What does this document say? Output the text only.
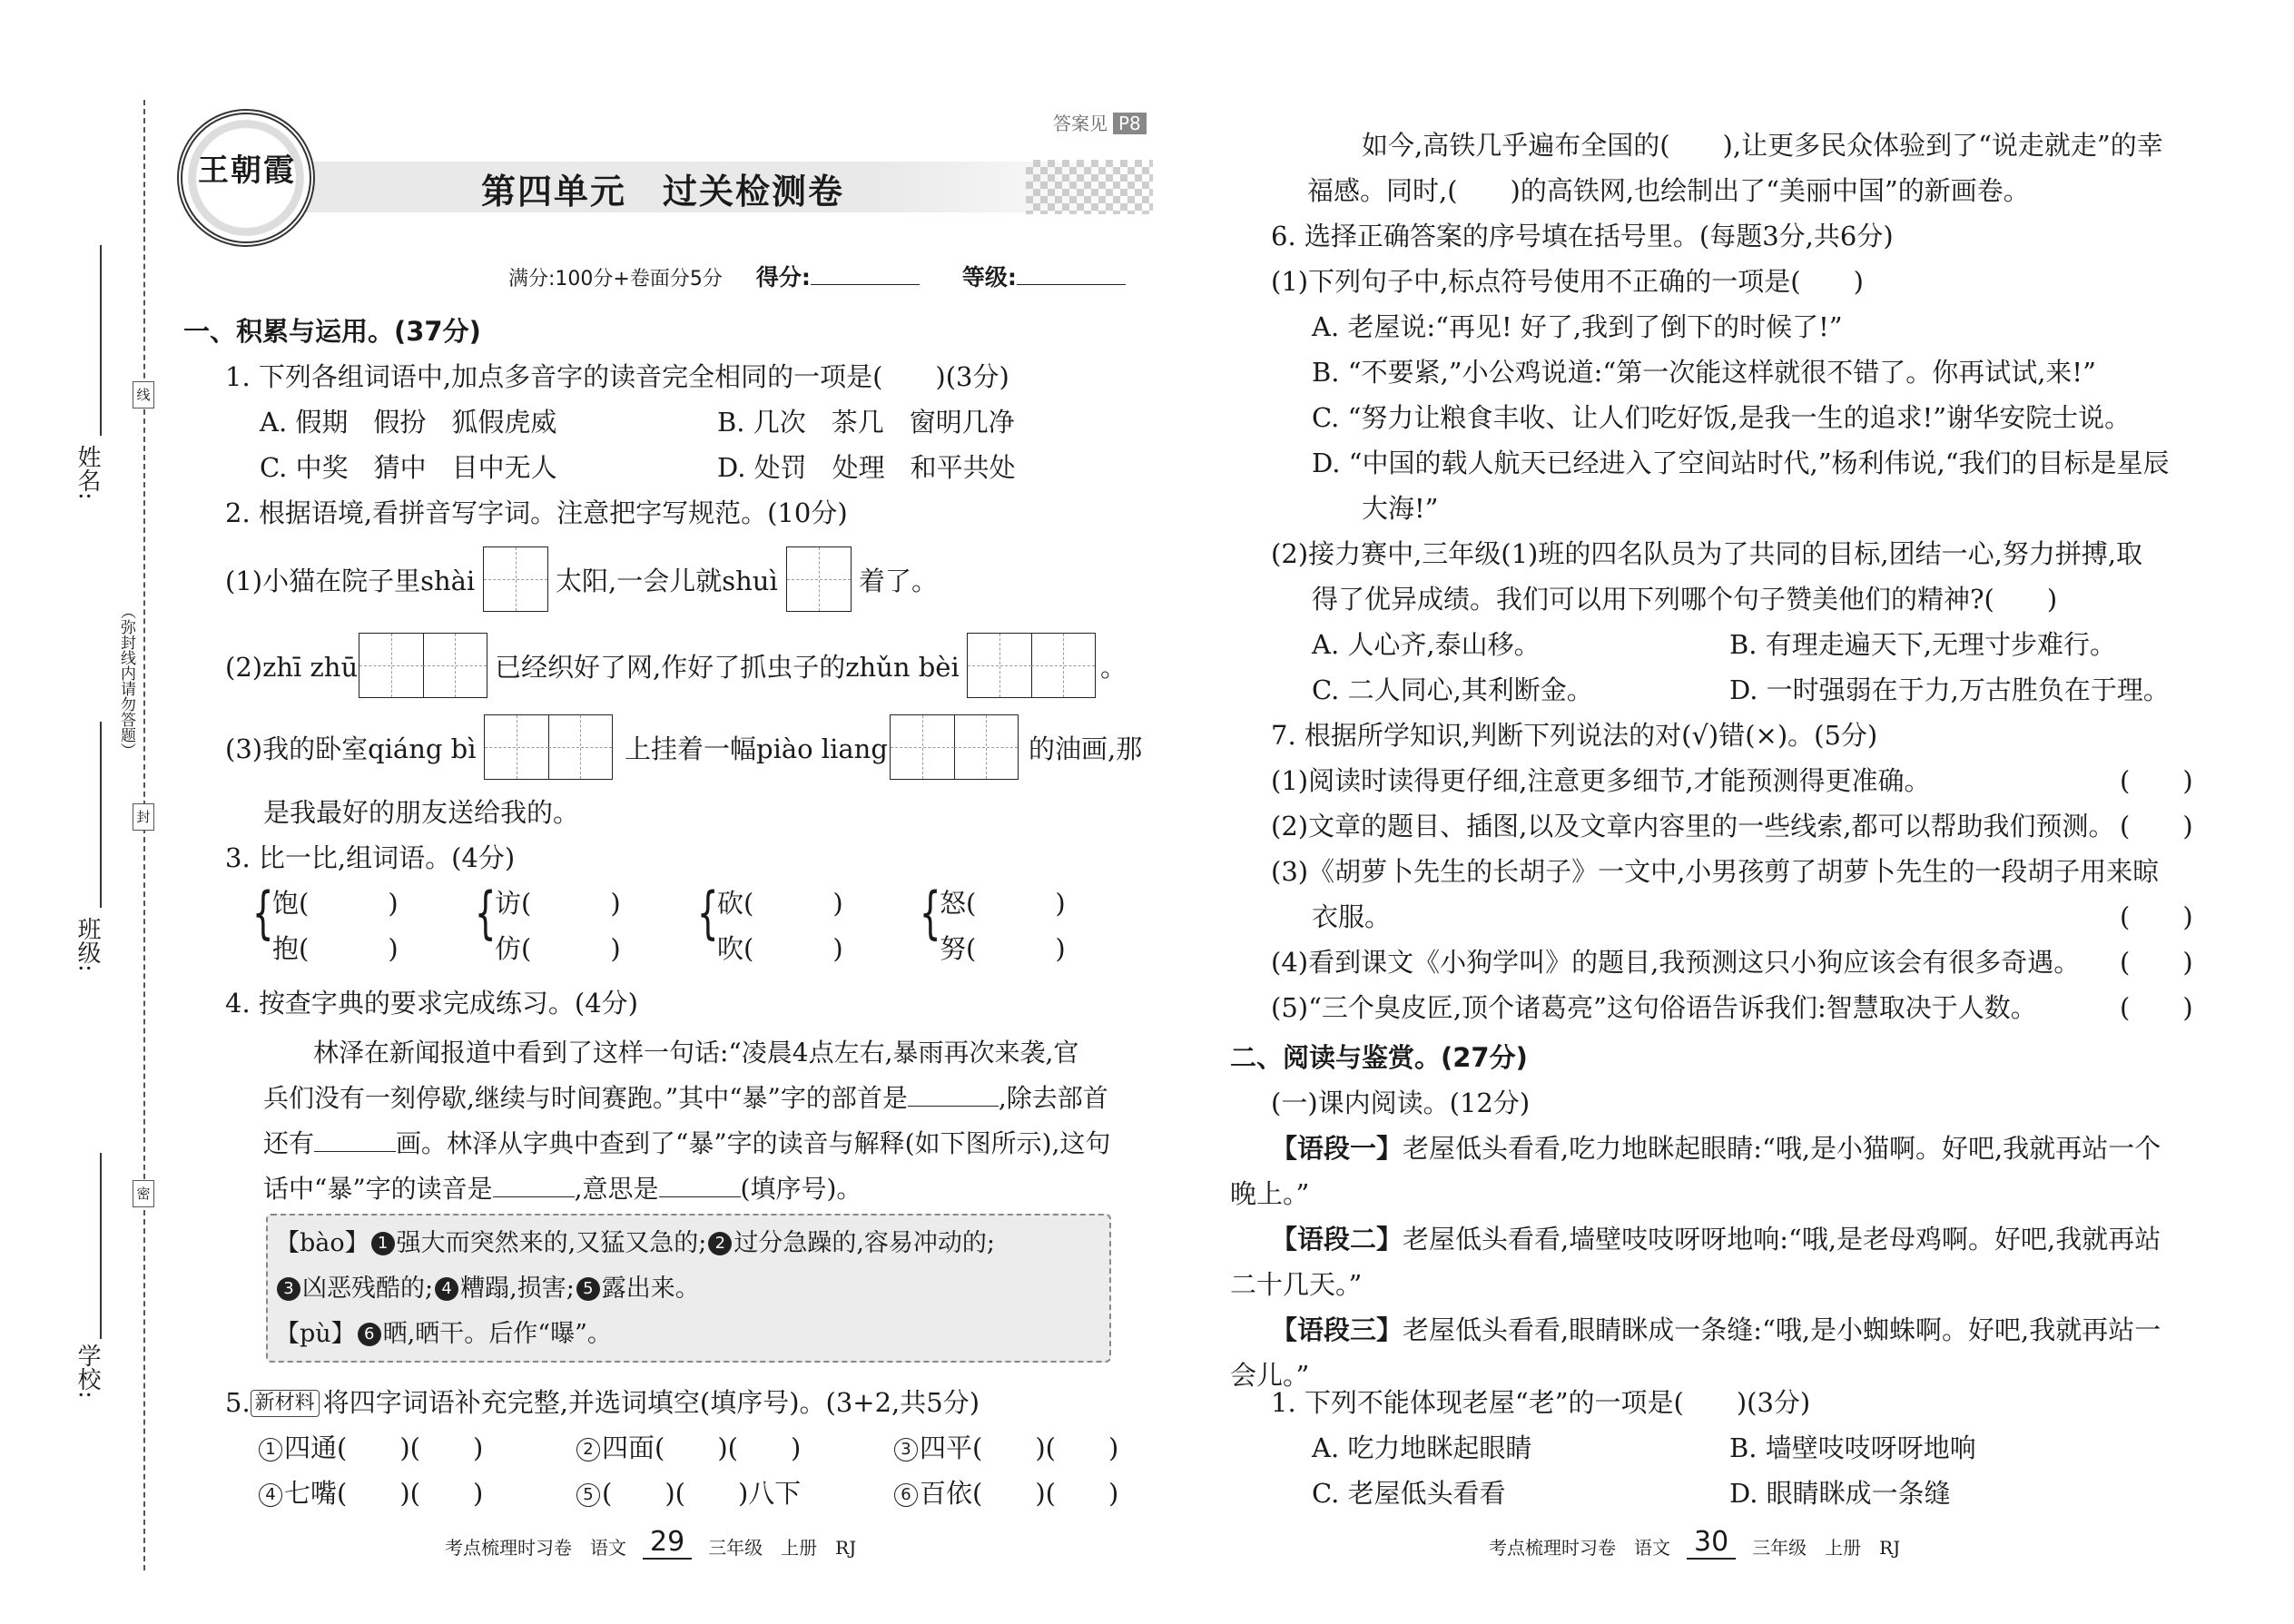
姓名:
班级:
学校:
（弥封线内请勿答题）
线
封
密
王朝霞
答案见 P8
第四单元　过关检测卷
满分:100分+卷面分5分 得分:	等级:
一、积累与运用。(37分)
1. 下列各组词语中,加点多音字的读音完全相同的一项是(　　)(3分)
A. 假期 假扮 狐假虎威	B. 几次 茶几 窗明几净
C. 中奖 猜中 目中无人	D. 处罚 处理 和平共处
2. 根据语境,看拼音写字词。注意把字写规范。(10分)
(1)小猫在院子里shài	太阳,一会儿就shuì	着了。
(2)zhī zhū	已经织好了网,作好了抓虫子的zhǔn bèi	。
(3)我的卧室qiáng bì	上挂着一幅piào liang	的油画,那
是我最好的朋友送给我的。
3. 比一比,组词语。(4分)
{
饱(　　　)
抱(　　　)
{
访(　　　)
仿(　　　)
{
砍(　　　)
吹(　　　)
{
怒(　　　)
努(　　　)
4. 按查字典的要求完成练习。(4分)
林泽在新闻报道中看到了这样一句话:“凌晨4点左右,暴雨再次来袭,官
兵们没有一刻停歇,继续与时间赛跑。”其中“暴”字的部首是	,除去部首
还有	画。林泽从字典中查到了“暴”字的读音与解释(如下图所示),这句
话中“暴”字的读音是	,意思是	(填序号)。
【bào】 1 强大而突然来的,又猛又急的; 2 过分急躁的,容易冲动的;
3 凶恶残酷的; 4 糟蹋,损害; 5 露出来。
【pù】 6 晒,晒干。后作“曝”。
5. 新材料 将四字词语补充完整,并选词填空(填序号)。(3+2,共5分)
1 四通(　　)(　　)	2 四面(　　)(　　)	3 四平(　　)(　　)
4 七嘴(　　)(　　)	5 (　　)(　　)八下	6 百依(　　)(　　)
考点梳理时习卷　语文 29 三年级　上册　RJ
如今,高铁几乎遍布全国的(　　),让更多民众体验到了“说走就走”的幸
福感。同时,(　　)的高铁网,也绘制出了“美丽中国”的新画卷。
6. 选择正确答案的序号填在括号里。(每题3分,共6分)
(1)下列句子中,标点符号使用不正确的一项是(　　)
A. 老屋说:“再见! 好了,我到了倒下的时候了!”
B. “不要紧,”小公鸡说道:“第一次能这样就很不错了。你再试试,来!”
C. “努力让粮食丰收、让人们吃好饭,是我一生的追求!”谢华安院士说。
D. “中国的载人航天已经进入了空间站时代,”杨利伟说,“我们的目标是星辰
大海!”
(2)接力赛中,三年级(1)班的四名队员为了共同的目标,团结一心,努力拼搏,取
得了优异成绩。我们可以用下列哪个句子赞美他们的精神?(　　)
A. 人心齐,泰山移。	B. 有理走遍天下,无理寸步难行。
C. 二人同心,其利断金。	D. 一时强弱在于力,万古胜负在于理。
7. 根据所学知识,判断下列说法的对(√)错(×)。(5分)
(1)阅读时读得更仔细,注意更多细节,才能预测得更准确。	(　　)
(2)文章的题目、插图,以及文章内容里的一些线索,都可以帮助我们预测。 (　　)
(3)《胡萝卜先生的长胡子》一文中,小男孩剪了胡萝卜先生的一段胡子用来晾
衣服。	(　　)
(4)看到课文《小狗学叫》的题目,我预测这只小狗应该会有很多奇遇。 (　　)
(5)“三个臭皮匠,顶个诸葛亮”这句俗语告诉我们:智慧取决于人数。	(　　)
二、阅读与鉴赏。(27分)
(一)课内阅读。(12分)
【语段一】老屋低头看看,吃力地眯起眼睛:“哦,是小猫啊。好吧,我就再站一个
晚上。”
【语段二】老屋低头看看,墙壁吱吱呀呀地响:“哦,是老母鸡啊。好吧,我就再站
二十几天。”
【语段三】老屋低头看看,眼睛眯成一条缝:“哦,是小蜘蛛啊。好吧,我就再站一
会儿。”
1. 下列不能体现老屋“老”的一项是(　　)(3分)
A. 吃力地眯起眼睛	B. 墙壁吱吱呀呀地响
C. 老屋低头看看	D. 眼睛眯成一条缝
考点梳理时习卷　语文 30 三年级　上册　RJ
